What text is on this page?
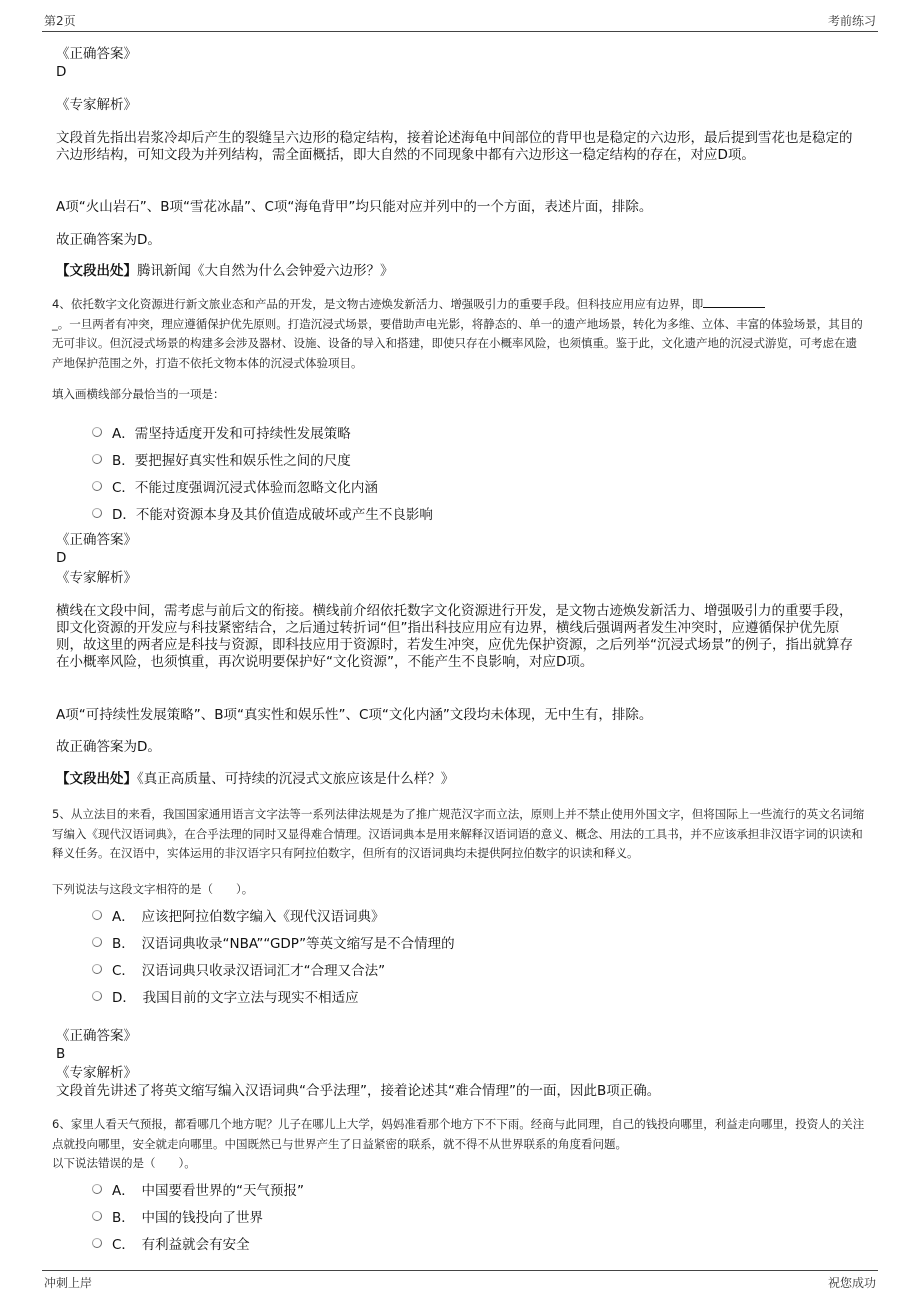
第2页	考前练习
《正确答案》
D
《专家解析》
文段首先指出岩浆冷却后产生的裂缝呈六边形的稳定结构，接着论述海龟中间部位的背甲也是稳定的六边形，最后提到雪花也是稳定的六边形结构，可知文段为并列结构，需全面概括，即大自然的不同现象中都有六边形这一稳定结构的存在，对应D项。
A项“火山岩石”、B项“雪花冰晶”、C项“海龟背甲”均只能对应并列中的一个方面，表述片面，排除。
故正确答案为D。
【文段出处】腾讯新闻《大自然为什么会钟爱六边形？》
4、依托数字文化资源进行新文旅业态和产品的开发，是文物古迹焕发新活力、增强吸引力的重要手段。但科技应用应有边界，即
_。一旦两者有冲突，理应遵循保护优先原则。打造沉浸式场景，要借助声电光影，将静态的、单一的遗产地场景，转化为多维、立体、丰富的体验场景，其目的无可非议。但沉浸式场景的构建多会涉及器材、设施、设备的导入和搭建，即使只存在小概率风险，也须慎重。鉴于此，文化遗产地的沉浸式游览，可考虑在遗产地保护范围之外，打造不依托文物本体的沉浸式体验项目。
填入画横线部分最恰当的一项是：
A．需坚持适度开发和可持续性发展策略
B．要把握好真实性和娱乐性之间的尺度
C．不能过度强调沉浸式体验而忽略文化内涵
D．不能对资源本身及其价值造成破坏或产生不良影响
《正确答案》
D
《专家解析》
横线在文段中间，需考虑与前后文的衔接。横线前介绍依托数字文化资源进行开发，是文物古迹焕发新活力、增强吸引力的重要手段，即文化资源的开发应与科技紧密结合，之后通过转折词“但”指出科技应用应有边界，横线后强调两者发生冲突时，应遵循保护优先原则，故这里的两者应是科技与资源，即科技应用于资源时，若发生冲突，应优先保护资源，之后列举“沉浸式场景”的例子，指出就算存在小概率风险，也须慎重，再次说明要保护好“文化资源”，不能产生不良影响，对应D项。
A项“可持续性发展策略”、B项“真实性和娱乐性”、C项“文化内涵”文段均未体现，无中生有，排除。
故正确答案为D。
【文段出处】《真正高质量、可持续的沉浸式文旅应该是什么样？》
5、从立法目的来看，我国国家通用语言文字法等一系列法律法规是为了推广规范汉字而立法，原则上并不禁止使用外国文字，但将国际上一些流行的英文名词缩写编入《现代汉语词典》，在合乎法理的同时又显得难合情理。汉语词典本是用来解释汉语词语的意义、概念、用法的工具书，并不应该承担非汉语字词的识读和释义任务。在汉语中，实体运用的非汉语字只有阿拉伯数字，但所有的汉语词典均未提供阿拉伯数字的识读和释义。
下列说法与这段文字相符的是（　　）。
A．　应该把阿拉伯数字编入《现代汉语词典》
B．　汉语词典收录“NBA”“GDP”等英文缩写是不合情理的
C．　汉语词典只收录汉语词汇才“合理又合法”
D．　我国目前的文字立法与现实不相适应
《正确答案》
B
《专家解析》
文段首先讲述了将英文缩写编入汉语词典“合乎法理”，接着论述其“难合情理”的一面，因此B项正确。
6、家里人看天气预报，都看哪几个地方呢？儿子在哪儿上大学，妈妈准看那个地方下不下雨。经商与此同理，自己的钱投向哪里，利益走向哪里，投资人的关注点就投向哪里，安全就走向哪里。中国既然已与世界产生了日益紧密的联系，就不得不从世界联系的角度看问题。
以下说法错误的是（　　）。
A．　中国要看世界的“天气预报”
B．　中国的钱投向了世界
C．　有利益就会有安全
冲刺上岸	祝您成功
